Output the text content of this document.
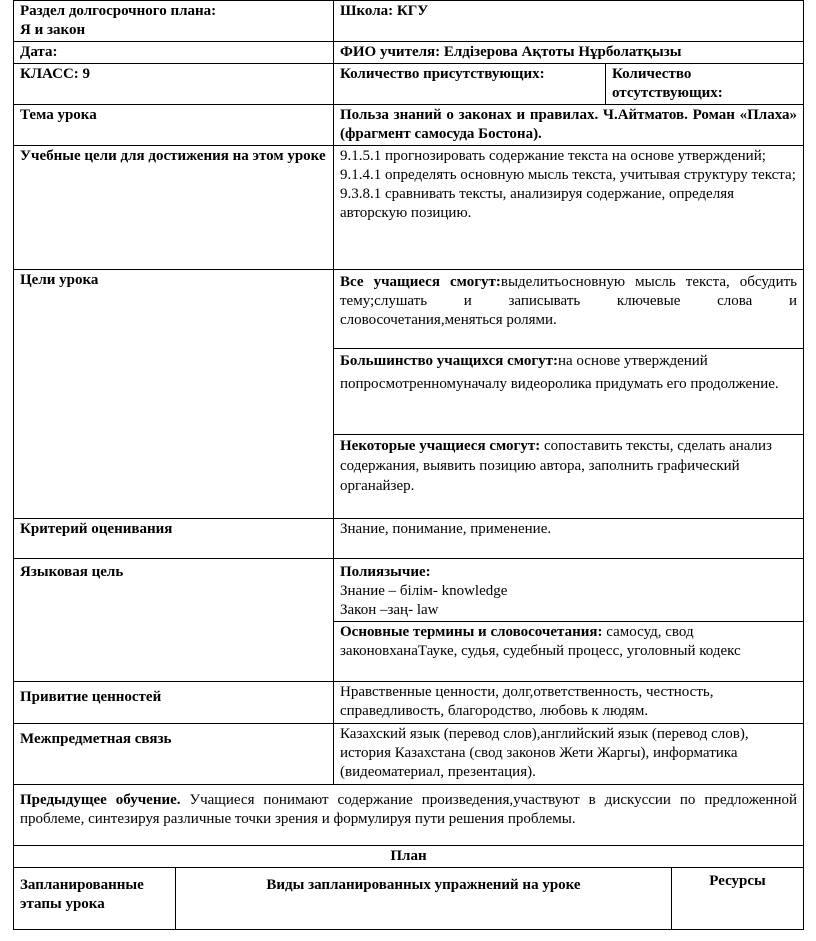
Раздел долгосрочного плана:
Я и закон	Школа: КГУ	
Дата:	ФИО учителя: Елдізерова Ақтоты Нұрболатқызы	
КЛАСС: 9	Количество присутствующих:	Количество отсутствующих:
Тема урока	Польза знаний о законах и правилах. Ч.Айтматов. Роман «Плаха» (фрагмент самосуда Бостона).	
Учебные цели для достижения на этом уроке	9.1.5.1 прогнозировать содержание текста на основе утверждений;
9.1.4.1 определять основную мысль текста, учитывая структуру текста;
9.3.8.1 сравнивать тексты, анализируя содержание, определяя авторскую позицию.	

Цели урока	Все учащиеся смогут:выделитьосновную мысль текста, обсудить тему;слушать и записывать ключевые слова и словосочетания,меняться ролями.	
	Большинство учащихся смогут:на основе утверждений попросмотренномуначалу видеоролика придумать его продолжение.	
	Некоторые учащиеся смогут: сопоставить тексты, сделать анализ содержания, выявить позицию автора, заполнить графический органайзер.	
Критерий оценивания	Знание, понимание, применение.	
Языковая цель	Полиязычие:
Знание – білім- knowledge
Закон –заң- law	

	Основные термины и словосочетания: самосуд, свод законовханаТауке, судья, судебный процесс, уголовный кодекс	
Привитие ценностей	Нравственные ценности, долг,ответственность, честность, справедливость, благородство, любовь к людям.	
Межпредметная связь	Казахский язык (перевод слов),английский язык (перевод слов), история Казахстана (свод законов Жети Жаргы), информатика (видеоматериал, презентация).	
Предыдущее обучение. Учащиеся понимают содержание произведения,участвуют в дискуссии по предложенной проблеме, синтезируя различные точки зрения и формулируя пути решения проблемы.		
План
Запланированные этапы урока	Виды запланированных упражнений на уроке	Ресурсы
